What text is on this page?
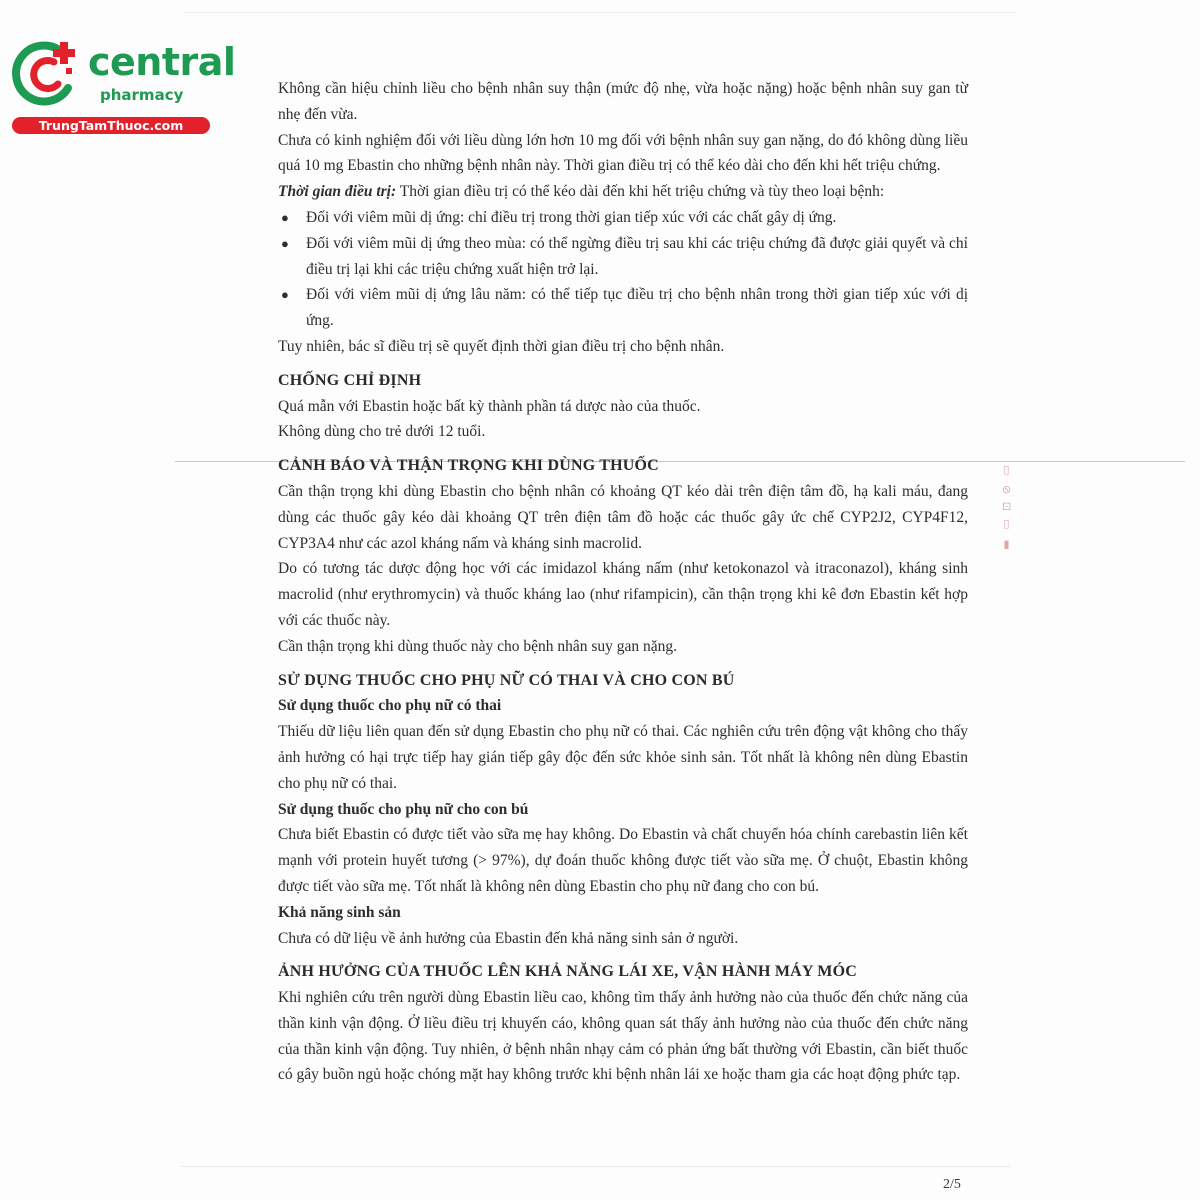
central
pharmacy
TrungTamThuoc.com
▮ ▯ ⊡ ⊘ ▯

Không cần hiệu chỉnh liều cho bệnh nhân suy thận (mức độ nhẹ, vừa hoặc nặng) hoặc bệnh nhân suy gan từ nhẹ đến vừa.

Chưa có kinh nghiệm đối với liều dùng lớn hơn 10 mg đối với bệnh nhân suy gan nặng, do đó không dùng liều quá 10 mg Ebastin cho những bệnh nhân này. Thời gian điều trị có thể kéo dài cho đến khi hết triệu chứng.

Thời gian điều trị: Thời gian điều trị có thể kéo dài đến khi hết triệu chứng và tùy theo loại bệnh:

● Đối với viêm mũi dị ứng: chỉ điều trị trong thời gian tiếp xúc với các chất gây dị ứng.
● Đối với viêm mũi dị ứng theo mùa: có thể ngừng điều trị sau khi các triệu chứng đã được giải quyết và chỉ điều trị lại khi các triệu chứng xuất hiện trở lại.
● Đối với viêm mũi dị ứng lâu năm: có thể tiếp tục điều trị cho bệnh nhân trong thời gian tiếp xúc với dị ứng.

Tuy nhiên, bác sĩ điều trị sẽ quyết định thời gian điều trị cho bệnh nhân.

CHỐNG CHỈ ĐỊNH

Quá mẫn với Ebastin hoặc bất kỳ thành phần tá dược nào của thuốc.

Không dùng cho trẻ dưới 12 tuổi.

CẢNH BÁO VÀ THẬN TRỌNG KHI DÙNG THUỐC

Cần thận trọng khi dùng Ebastin cho bệnh nhân có khoảng QT kéo dài trên điện tâm đồ, hạ kali máu, đang dùng các thuốc gây kéo dài khoảng QT trên điện tâm đồ hoặc các thuốc gây ức chế CYP2J2, CYP4F12, CYP3A4 như các azol kháng nấm và kháng sinh macrolid.

Do có tương tác dược động học với các imidazol kháng nấm (như ketokonazol và itraconazol), kháng sinh macrolid (như erythromycin) và thuốc kháng lao (như rifampicin), cần thận trọng khi kê đơn Ebastin kết hợp với các thuốc này.

Cần thận trọng khi dùng thuốc này cho bệnh nhân suy gan nặng.

SỬ DỤNG THUỐC CHO PHỤ NỮ CÓ THAI VÀ CHO CON BÚ

Sử dụng thuốc cho phụ nữ có thai

Thiếu dữ liệu liên quan đến sử dụng Ebastin cho phụ nữ có thai. Các nghiên cứu trên động vật không cho thấy ảnh hưởng có hại trực tiếp hay gián tiếp gây độc đến sức khỏe sinh sản. Tốt nhất là không nên dùng Ebastin cho phụ nữ có thai.

Sử dụng thuốc cho phụ nữ cho con bú

Chưa biết Ebastin có được tiết vào sữa mẹ hay không. Do Ebastin và chất chuyển hóa chính carebastin liên kết mạnh với protein huyết tương (> 97%), dự đoán thuốc không được tiết vào sữa mẹ. Ở chuột, Ebastin không được tiết vào sữa mẹ. Tốt nhất là không nên dùng Ebastin cho phụ nữ đang cho con bú.

Khả năng sinh sản

Chưa có dữ liệu về ảnh hưởng của Ebastin đến khả năng sinh sản ở người.

ẢNH HƯỞNG CỦA THUỐC LÊN KHẢ NĂNG LÁI XE, VẬN HÀNH MÁY MÓC

Khi nghiên cứu trên người dùng Ebastin liều cao, không tìm thấy ảnh hưởng nào của thuốc đến chức năng của thần kinh vận động. Ở liều điều trị khuyến cáo, không quan sát thấy ảnh hưởng nào của thuốc đến chức năng của thần kinh vận động. Tuy nhiên, ở bệnh nhân nhạy cảm có phản ứng bất thường với Ebastin, cần biết thuốc có gây buồn ngủ hoặc chóng mặt hay không trước khi bệnh nhân lái xe hoặc tham gia các hoạt động phức tạp.

2/5
